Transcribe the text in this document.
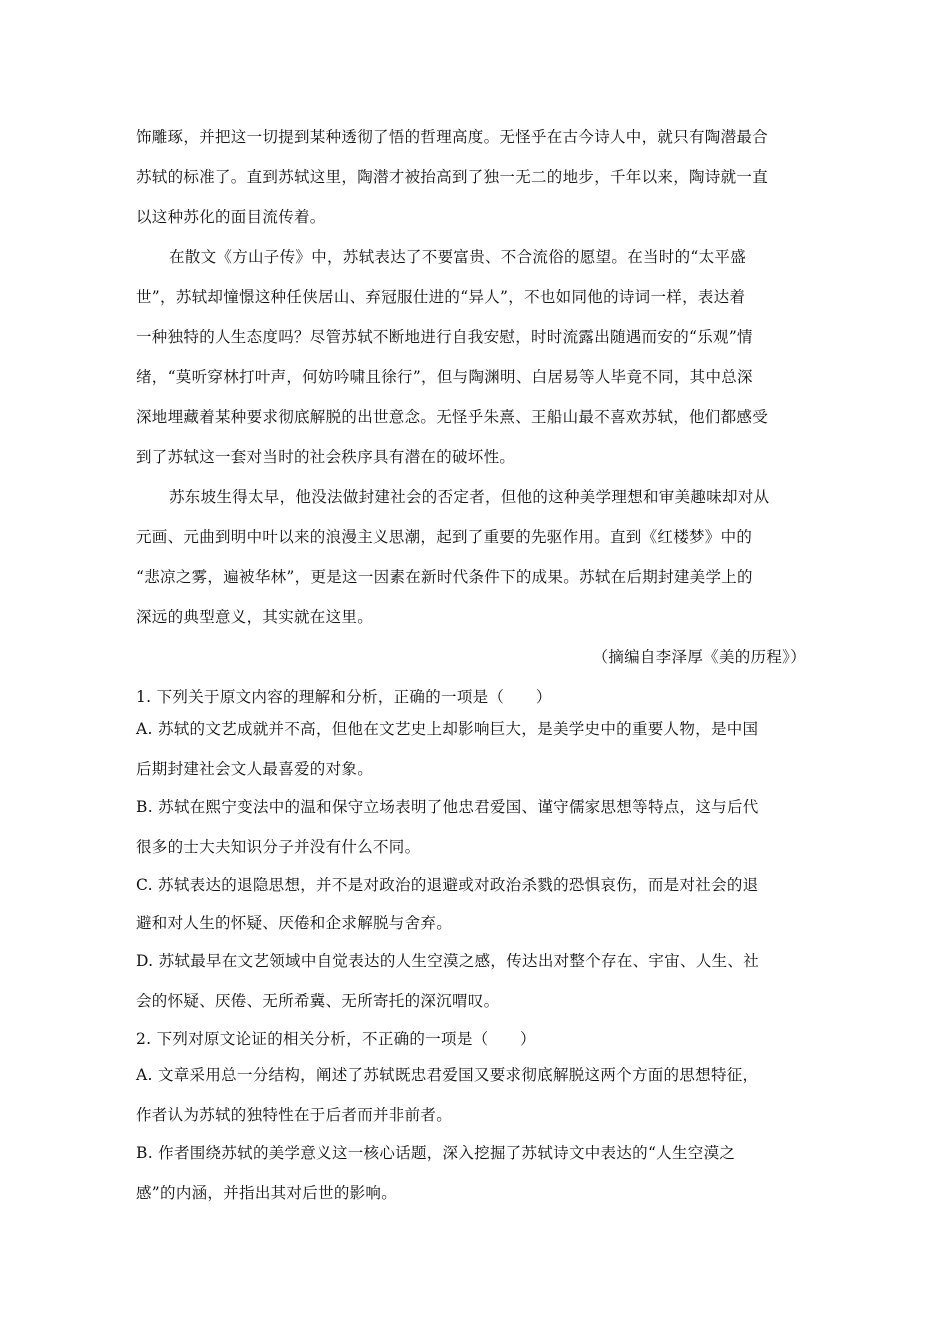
饰雕琢，并把这一切提到某种透彻了悟的哲理高度。无怪乎在古今诗人中，就只有陶潜最合
苏轼的标准了。直到苏轼这里，陶潜才被抬高到了独一无二的地步，千年以来，陶诗就一直
以这种苏化的面目流传着。
在散文《方山子传》中，苏轼表达了不要富贵、不合流俗的愿望。在当时的“太平盛
世”，苏轼却憧憬这种任侠居山、弃冠服仕进的“异人”，不也如同他的诗词一样，表达着
一种独特的人生态度吗？尽管苏轼不断地进行自我安慰，时时流露出随遇而安的“乐观”情
绪，“莫听穿林打叶声，何妨吟啸且徐行”，但与陶渊明、白居易等人毕竟不同，其中总深
深地埋藏着某种要求彻底解脱的出世意念。无怪乎朱熹、王船山最不喜欢苏轼，他们都感受
到了苏轼这一套对当时的社会秩序具有潜在的破坏性。
苏东坡生得太早，他没法做封建社会的否定者，但他的这种美学理想和审美趣味却对从
元画、元曲到明中叶以来的浪漫主义思潮，起到了重要的先驱作用。直到《红楼梦》中的
“悲凉之雾，遍被华林”，更是这一因素在新时代条件下的成果。苏轼在后期封建美学上的
深远的典型意义，其实就在这里。
（摘编自李泽厚《美的历程》）
1. 下列关于原文内容的理解和分析，正确的一项是（　　）
A. 苏轼的文艺成就并不高，但他在文艺史上却影响巨大，是美学史中的重要人物，是中国
后期封建社会文人最喜爱的对象。
B. 苏轼在熙宁变法中的温和保守立场表明了他忠君爱国、谨守儒家思想等特点，这与后代
很多的士大夫知识分子并没有什么不同。
C. 苏轼表达的退隐思想，并不是对政治的退避或对政治杀戮的恐惧哀伤，而是对社会的退
避和对人生的怀疑、厌倦和企求解脱与舍弃。
D. 苏轼最早在文艺领域中自觉表达的人生空漠之感，传达出对整个存在、宇宙、人生、社
会的怀疑、厌倦、无所希冀、无所寄托的深沉喟叹。
2. 下列对原文论证的相关分析，不正确的一项是（　　）
A. 文章采用总一分结构，阐述了苏轼既忠君爱国又要求彻底解脱这两个方面的思想特征，
作者认为苏轼的独特性在于后者而并非前者。
B. 作者围绕苏轼的美学意义这一核心话题，深入挖掘了苏轼诗文中表达的“人生空漠之
感”的内涵，并指出其对后世的影响。
